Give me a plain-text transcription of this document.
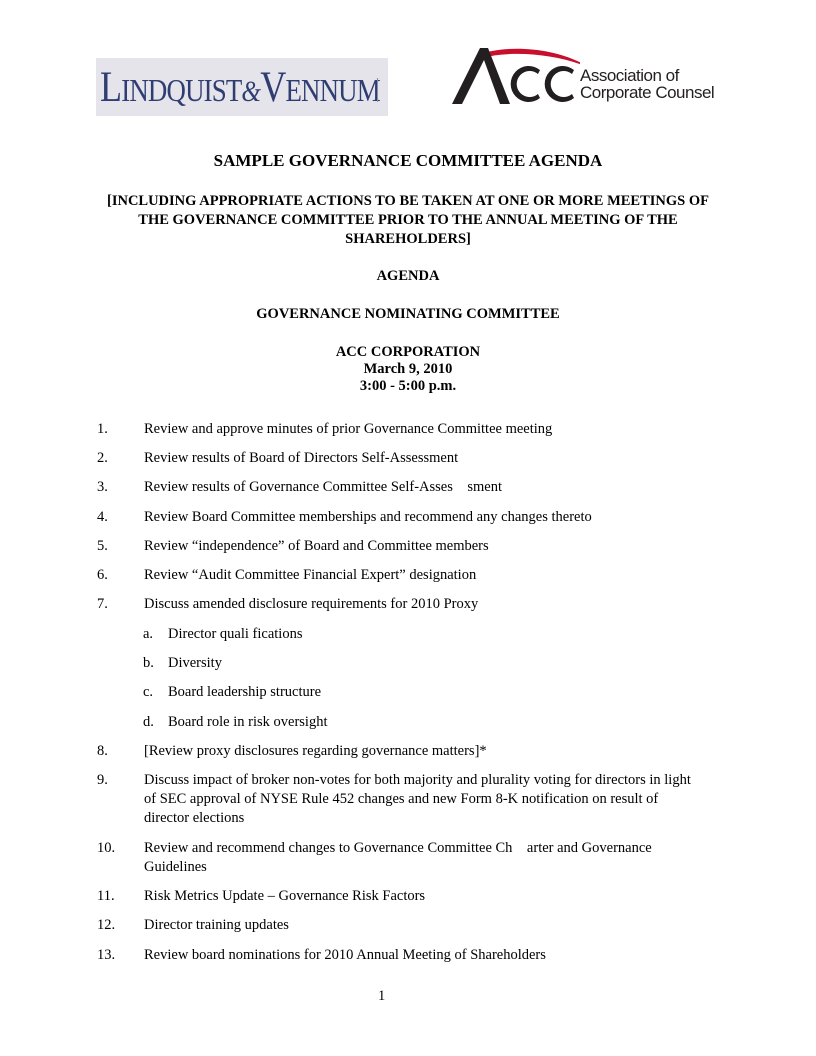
LINDQUIST&VENNUM	Association of
Corporate Counsel
SAMPLE GOVERNANCE COMMITTEE AGENDA
[INCLUDING APPROPRIATE ACTIONS TO BE TAKEN AT ONE OR MORE MEETINGS OF THE GOVERNANCE COMMITTEE PRIOR TO THE ANNUAL MEETING OF THE SHAREHOLDERS]
AGENDA
GOVERNANCE NOMINATING COMMITTEE
ACC CORPORATION
March 9, 2010
3:00 - 5:00 p.m.
1. Review and approve minutes of prior Governance Committee meeting
2. Review results of Board of Directors Self-Assessment
3. Review results of Governance Committee Self-Asses    sment
4. Review Board Committee memberships and recommend any changes thereto
5. Review “independence” of Board and Committee members
6. Review “Audit Committee Financial Expert” designation
7. Discuss amended disclosure requirements for 2010 Proxy
a. Director quali fications
b. Diversity
c. Board leadership structure
d. Board role in risk oversight
8. [Review proxy disclosures regarding governance matters]*
9. Discuss impact of broker non-votes for both majority and plurality voting for directors in light of SEC approval of NYSE Rule 452 changes and new Form 8-K notification on result of director elections
10. Review and recommend changes to Governance Committee Ch    arter and Governance Guidelines
11. Risk Metrics Update – Governance Risk Factors
12. Director training updates
13. Review board nominations for 2010 Annual Meeting of Shareholders
1
